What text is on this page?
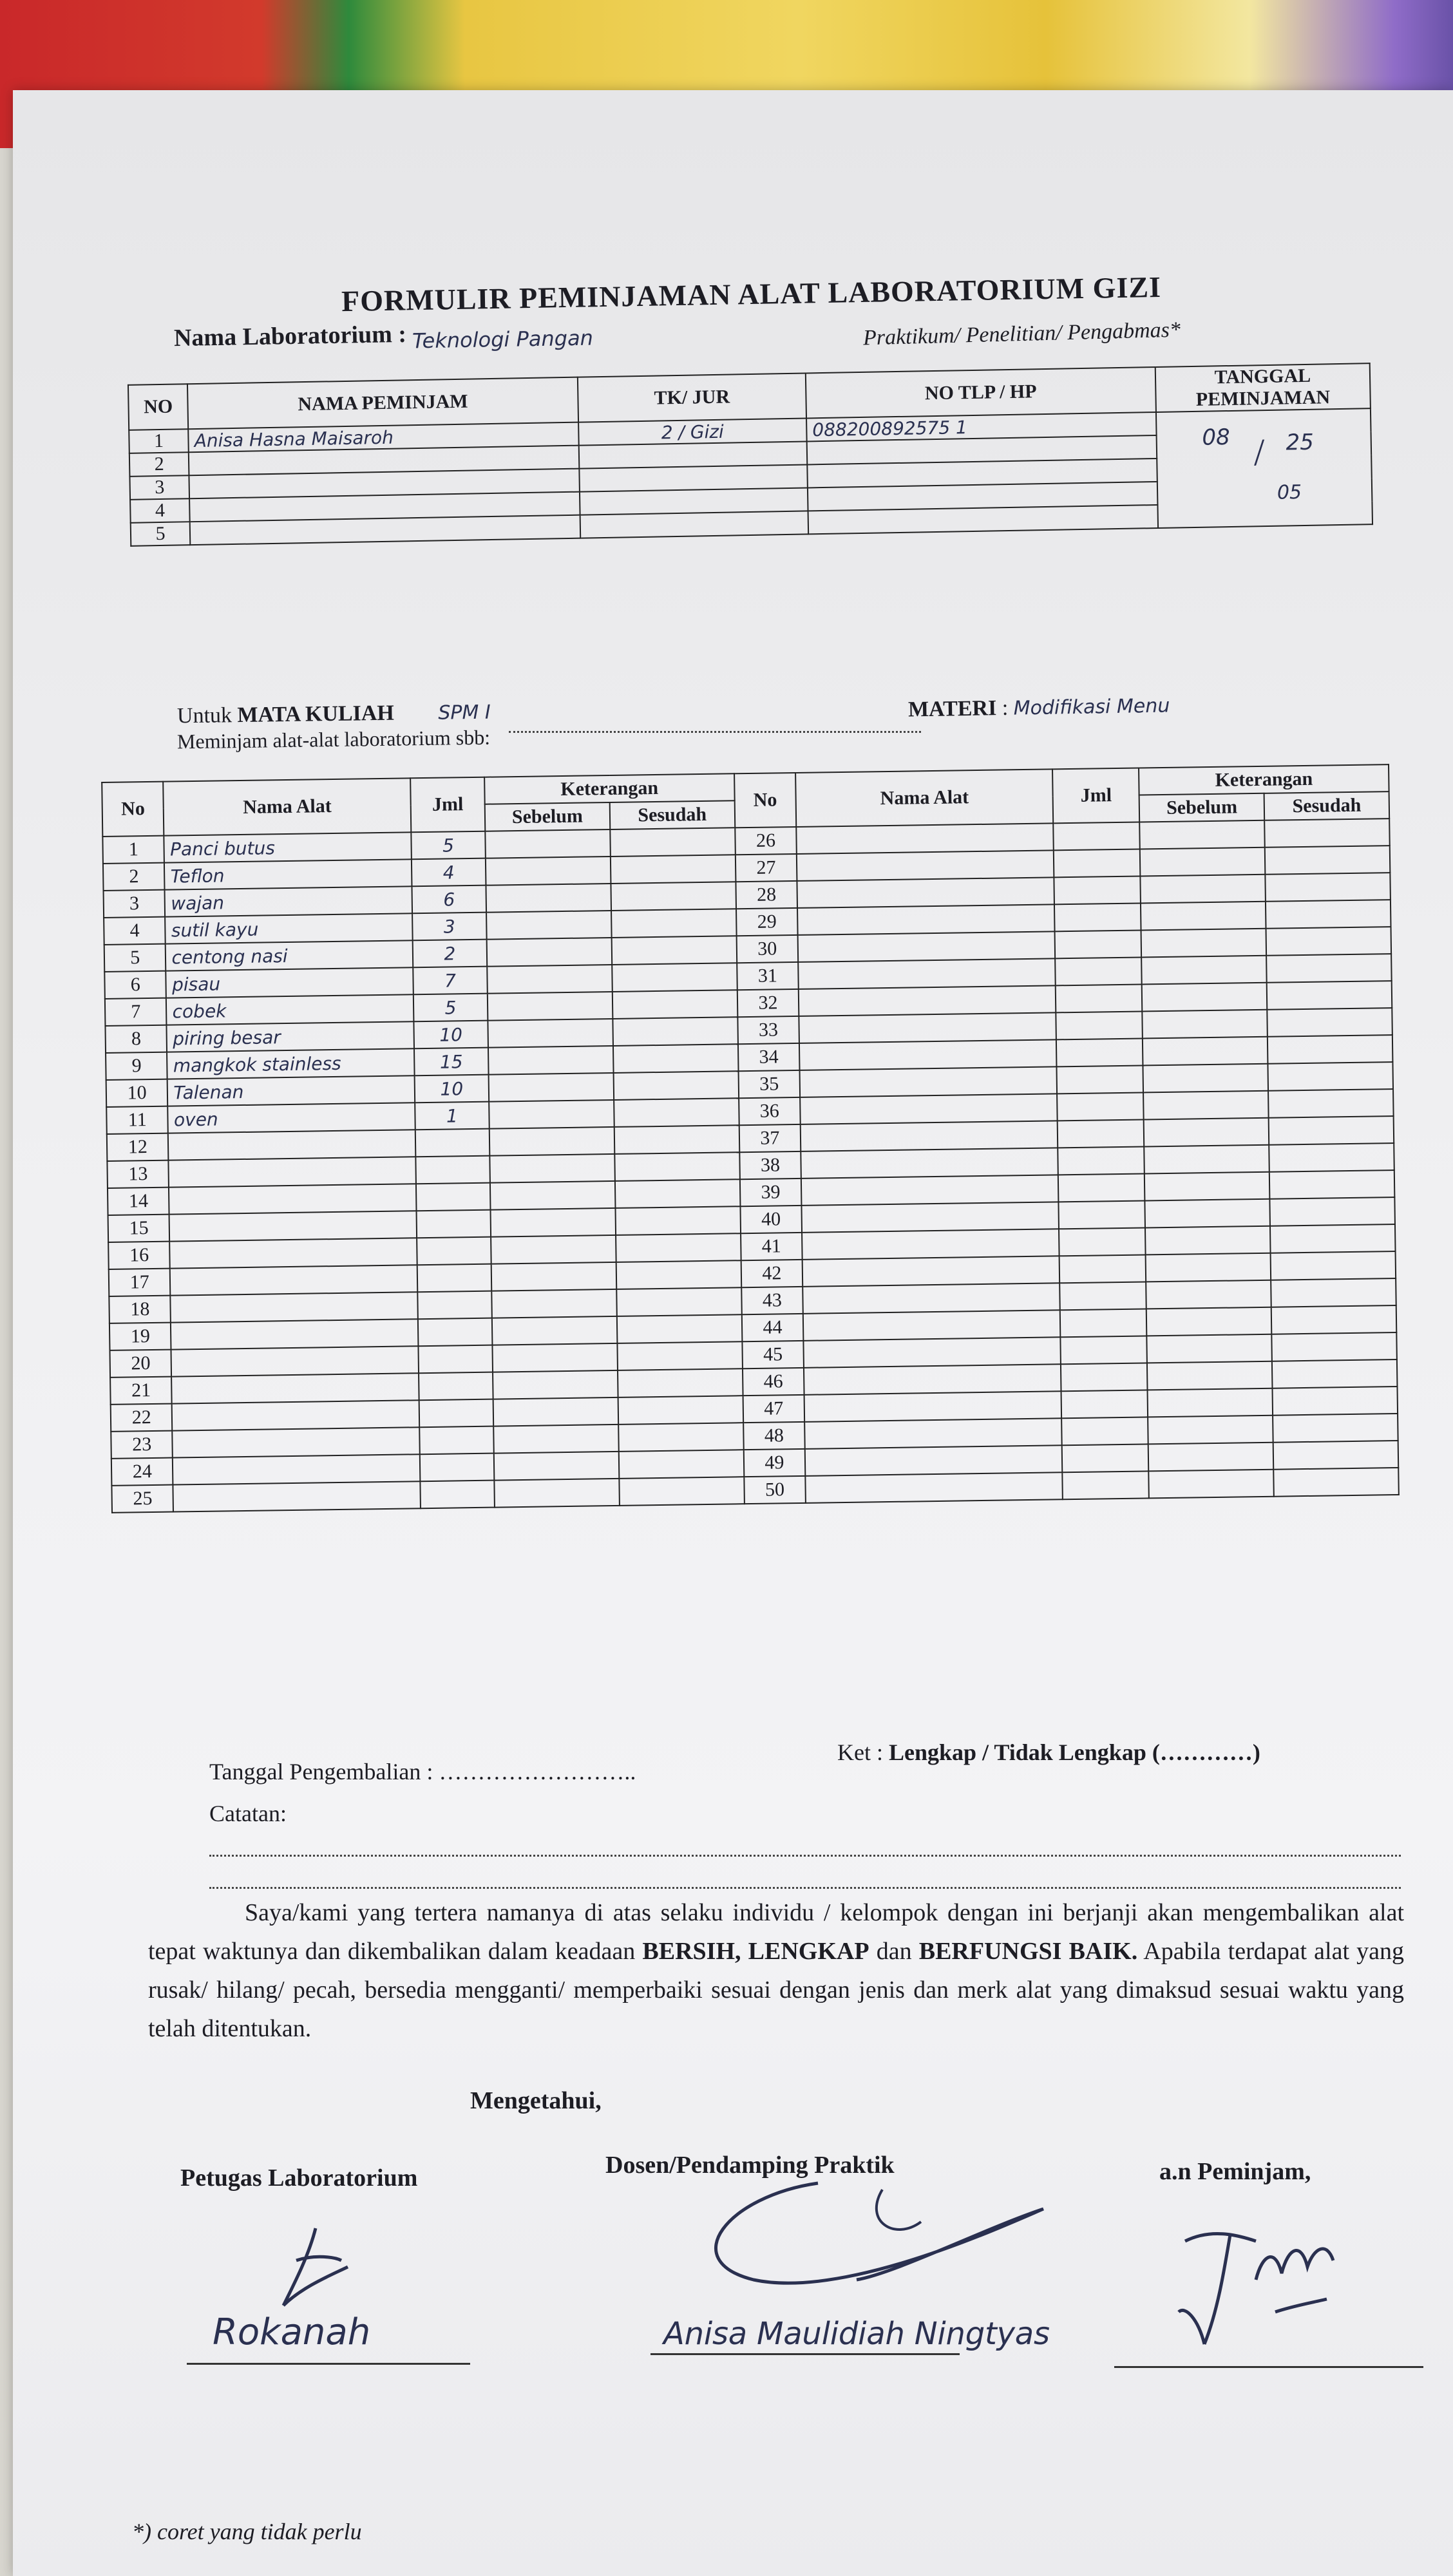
FORMULIR PEMINJAMAN ALAT LABORATORIUM GIZI
Nama Laboratorium : Teknologi Pangan	Praktikum/ Penelitian/ Pengabmas*
NO	NAMA PEMINJAM	TK/ JUR	NO TLP / HP	TANGGAL PEMINJAMAN
1	Anisa Hasna Maisaroh	2 / Gizi	088200892575 1	08 / 25
05

2				
3				
4				
5				
Untuk MATA KULIAH SPM I	MATERI : Modifikasi Menu
Meminjam alat-alat laboratorium sbb:
No	Nama Alat	Jml	Keterangan		No	Nama Alat	Jml	Keterangan	
			Sebelum	Sesudah				Sebelum	Sesudah
1	Panci butus	5			26				
2	Teflon	4			27				
3	wajan	6			28				
4	sutil kayu	3			29				
5	centong nasi	2			30				
6	pisau	7			31				
7	cobek	5			32				
8	piring besar	10			33				
9	mangkok stainless	15			34				
10	Talenan	10			35				
11	oven	1			36				
12					37				
13					38				
14					39				
15					40				
16					41				
17					42				
18					43				
19					44				
20					45				
21					46				
22					47				
23					48				
24					49				
25					50				
Tanggal Pengembalian : ……………………..
Ket : Lengkap / Tidak Lengkap (…………)
Catatan:
Saya/kami yang tertera namanya di atas selaku individu / kelompok dengan ini berjanji akan mengembalikan alat tepat waktunya dan dikembalikan dalam keadaan BERSIH, LENGKAP dan BERFUNGSI BAIK. Apabila terdapat alat yang rusak/ hilang/ pecah, bersedia mengganti/ memperbaiki sesuai dengan jenis dan merk alat yang dimaksud sesuai waktu yang telah ditentukan.
Mengetahui,
Petugas Laboratorium	Dosen/Pendamping Praktik	a.n Peminjam,
Rokanah	Anisa Maulidiah Ningtyas
*) coret yang tidak perlu
